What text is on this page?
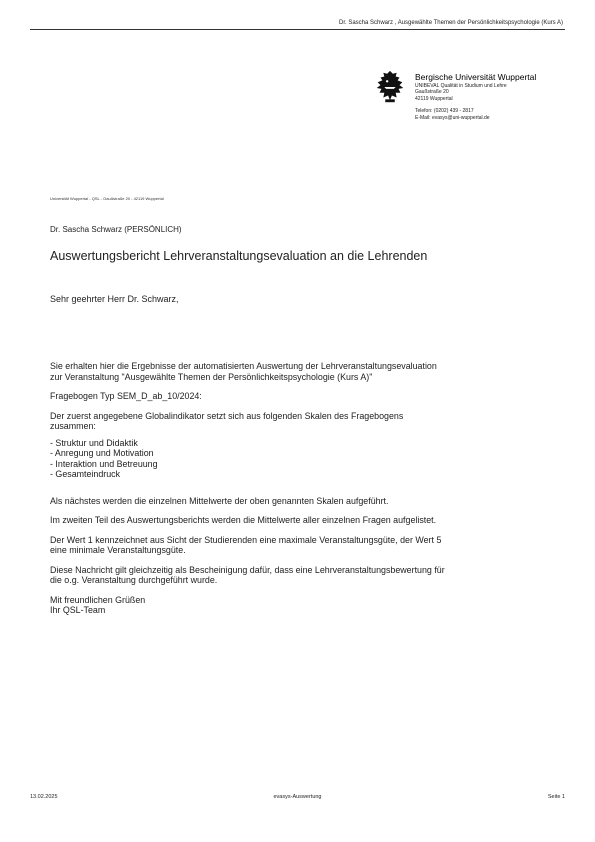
Dr. Sascha Schwarz , Ausgewählte Themen der Persönlichkeitspsychologie (Kurs A)
Bergische Universität Wuppertal
UNIBEVAL Qualität in Studium und Lehre
Gaußstraße 20
42119 Wuppertal
Telefon: (0202) 439 - 2817
E-Mail: evasys@uni-wuppertal.de
Universität Wuppertal - QSL - Gaußstraße 20 - 42119 Wuppertal
Dr. Sascha Schwarz (PERSÖNLICH)
Auswertungsbericht Lehrveranstaltungsevaluation an die Lehrenden
Sehr geehrter Herr Dr. Schwarz,

Sie erhalten hier die Ergebnisse der automatisierten Auswertung der Lehrveranstaltungsevaluation

zur Veranstaltung "Ausgewählte Themen der Persönlichkeitspsychologie (Kurs A)"

Fragebogen Typ SEM_D_ab_10/2024:

Der zuerst angegebene Globalindikator setzt sich aus folgenden Skalen des Fragebogens

zusammen:

- Struktur und Didaktik

- Anregung und Motivation

- Interaktion und Betreuung

- Gesamteindruck

Als nächstes werden die einzelnen Mittelwerte der oben genannten Skalen aufgeführt.

Im zweiten Teil des Auswertungsberichts werden die Mittelwerte aller einzelnen Fragen aufgelistet.

Der Wert 1 kennzeichnet aus Sicht der Studierenden eine maximale Veranstaltungsgüte, der Wert 5

eine minimale Veranstaltungsgüte.

Diese Nachricht gilt gleichzeitig als Bescheinigung dafür, dass eine Lehrveranstaltungsbewertung für

die o.g. Veranstaltung durchgeführt wurde.

Mit freundlichen Grüßen

Ihr QSL-Team

13.02.2025	evasys-Auswertung	Seite 1
